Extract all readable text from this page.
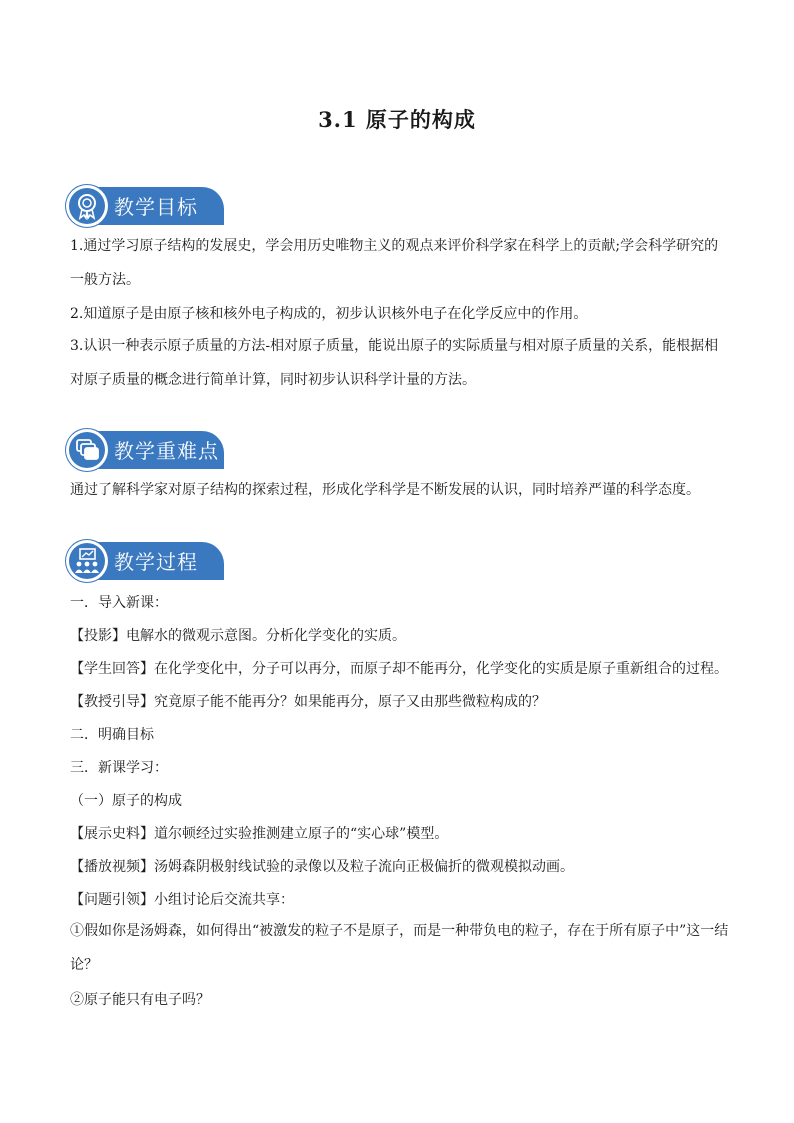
3.1 原子的构成
教学目标
1.通过学习原子结构的发展史，学会用历史唯物主义的观点来评价科学家在科学上的贡献;学会科学研究的一般方法。
2.知道原子是由原子核和核外电子构成的，初步认识核外电子在化学反应中的作用。
3.认识一种表示原子质量的方法-相对原子质量，能说出原子的实际质量与相对原子质量的关系，能根据相对原子质量的概念进行简单计算，同时初步认识科学计量的方法。
教学重难点
通过了解科学家对原子结构的探索过程，形成化学科学是不断发展的认识，同时培养严谨的科学态度。
教学过程
一．导入新课：
【投影】电解水的微观示意图。分析化学变化的实质。
【学生回答】在化学变化中，分子可以再分，而原子却不能再分，化学变化的实质是原子重新组合的过程。
【教授引导】究竟原子能不能再分？如果能再分，原子又由那些微粒构成的？
二．明确目标
三．新课学习：
（一）原子的构成
【展示史料】道尔顿经过实验推测建立原子的“实心球”模型。
【播放视频】汤姆森阴极射线试验的录像以及粒子流向正极偏折的微观模拟动画。
【问题引领】小组讨论后交流共享：
①假如你是汤姆森，如何得出“被激发的粒子不是原子，而是一种带负电的粒子，存在于所有原子中”这一结论？
②原子能只有电子吗？
